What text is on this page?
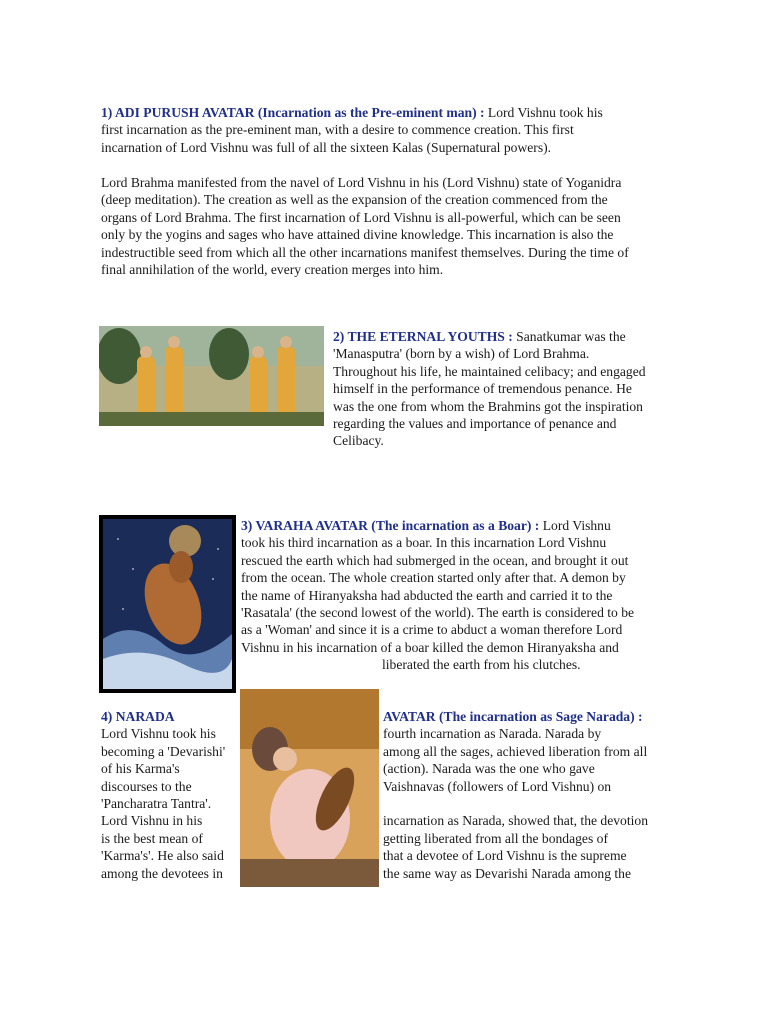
1) ADI PURUSH AVATAR (Incarnation as the Pre-eminent man) : Lord Vishnu took his
first incarnation as the pre-eminent man, with a desire to commence creation. This first
incarnation of Lord Vishnu was full of all the sixteen Kalas (Supernatural powers).
Lord Brahma manifested from the navel of Lord Vishnu in his (Lord Vishnu) state of Yoganidra
(deep meditation). The creation as well as the expansion of the creation commenced from the
organs of Lord Brahma. The first incarnation of Lord Vishnu is all-powerful, which can be seen
only by the yogins and sages who have attained divine knowledge. This incarnation is also the
indestructible seed from which all the other incarnations manifest themselves. During the time of
final annihilation of the world, every creation merges into him.
2) THE ETERNAL YOUTHS : Sanatkumar was the
'Manasputra' (born by a wish) of Lord Brahma.
Throughout his life, he maintained celibacy; and engaged
himself in the performance of tremendous penance. He
was the one from whom the Brahmins got the inspiration
regarding the values and importance of penance and
Celibacy.
3) VARAHA AVATAR (The incarnation as a Boar) : Lord Vishnu
took his third incarnation as a boar. In this incarnation Lord Vishnu
rescued the earth which had submerged in the ocean, and brought it out
from the ocean. The whole creation started only after that. A demon by
the name of Hiranyaksha had abducted the earth and carried it to the
'Rasatala' (the second lowest of the world). The earth is considered to be
as a 'Woman' and since it is a crime to abduct a woman therefore Lord
Vishnu in his incarnation of a boar killed the demon Hiranyaksha and
liberated the earth from his clutches.
4) NARADA
Lord Vishnu took his
becoming a 'Devarishi'
of his Karma's
discourses to the
'Pancharatra Tantra'.
Lord Vishnu in his
is the best mean of
'Karma's'. He also said
among the devotees in
AVATAR (The incarnation as Sage Narada) :
fourth incarnation as Narada. Narada by
among all the sages, achieved liberation from all
(action). Narada was the one who gave
Vaishnavas (followers of Lord Vishnu) on
incarnation as Narada, showed that, the devotion
getting liberated from all the bondages of
that a devotee of Lord Vishnu is the supreme
the same way as Devarishi Narada among the
